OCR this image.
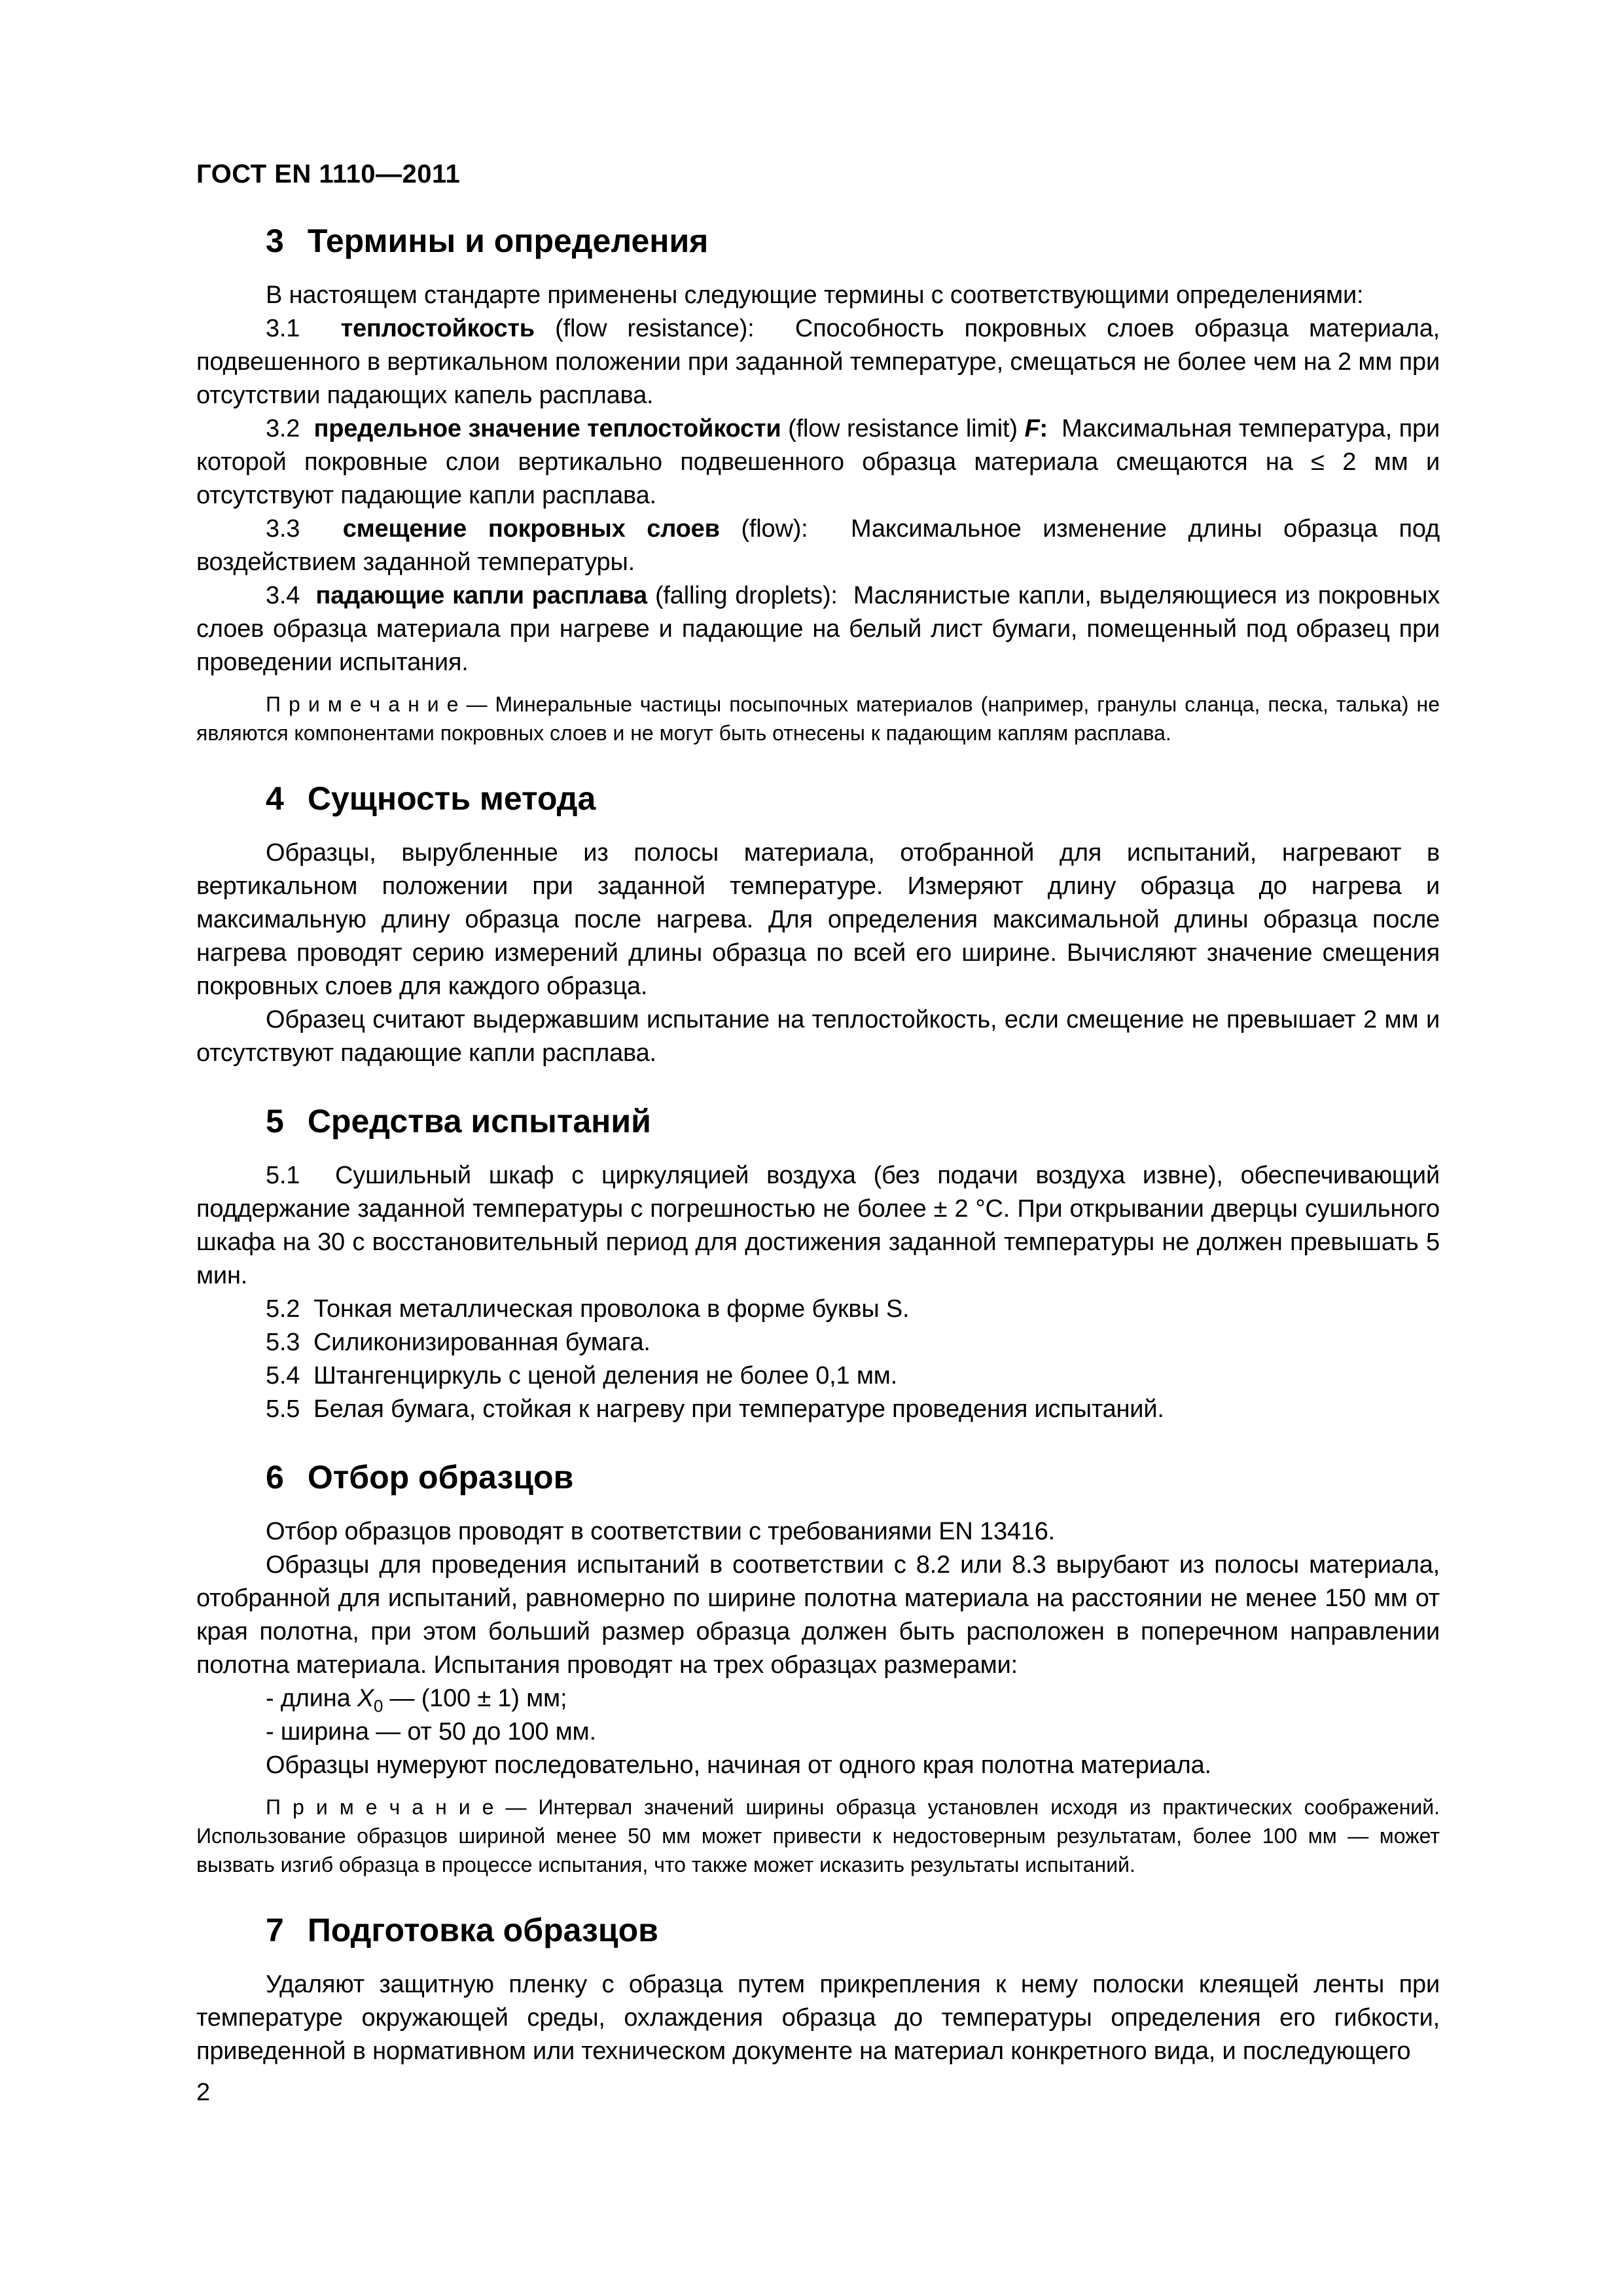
ГОСТ EN 1110—2011
3 Термины и определения

В настоящем стандарте применены следующие термины с соответствующими определениями:

3.1  теплостойкость (flow resistance):  Способность покровных слоев образца материала, подвешенного в вертикальном положении при заданной температуре, смещаться не более чем на 2 мм при отсутствии падающих капель расплава.

3.2  предельное значение теплостойкости (flow resistance limit) F:  Максимальная температура, при которой покровные слои вертикально подвешенного образца материала смещаются на ≤ 2 мм и отсутствуют падающие капли расплава.

3.3  смещение покровных слоев (flow):  Максимальное изменение длины образца под воздействием заданной температуры.

3.4  падающие капли расплава (falling droplets):  Маслянистые капли, выделяющиеся из покровных слоев образца материала при нагреве и падающие на белый лист бумаги, помещенный под образец при проведении испытания.

П р и м е ч а н и е — Минеральные частицы посыпочных материалов (например, гранулы сланца, песка, талька) не являются компонентами покровных слоев и не могут быть отнесены к падающим каплям расплава.

4 Сущность метода

Образцы, вырубленные из полосы материала, отобранной для испытаний, нагревают в вертикальном положении при заданной температуре. Измеряют длину образца до нагрева и максимальную длину образца после нагрева. Для определения максимальной длины образца после нагрева проводят серию измерений длины образца по всей его ширине. Вычисляют значение смещения покровных слоев для каждого образца.

Образец считают выдержавшим испытание на теплостойкость, если смещение не превышает 2 мм и отсутствуют падающие капли расплава.

5 Средства испытаний

5.1  Сушильный шкаф с циркуляцией воздуха (без подачи воздуха извне), обеспечивающий поддержание заданной температуры с погрешностью не более ± 2 °С. При открывании дверцы сушильного шкафа на 30 с восстановительный период для достижения заданной температуры не должен превышать 5 мин.

5.2  Тонкая металлическая проволока в форме буквы S.

5.3  Силиконизированная бумага.

5.4  Штангенциркуль с ценой деления не более 0,1 мм.

5.5  Белая бумага, стойкая к нагреву при температуре проведения испытаний.

6 Отбор образцов

Отбор образцов проводят в соответствии с требованиями EN 13416.

Образцы для проведения испытаний в соответствии с 8.2 или 8.3 вырубают из полосы материала, отобранной для испытаний, равномерно по ширине полотна материала на расстоянии не менее 150 мм от края полотна, при этом больший размер образца должен быть расположен в поперечном направлении полотна материала. Испытания проводят на трех образцах размерами:

- длина $X_0$ — (100 ± 1) мм;

- ширина — от 50 до 100 мм.

Образцы нумеруют последовательно, начиная от одного края полотна материала.

П р и м е ч а н и е — Интервал значений ширины образца установлен исходя из практических соображений. Использование образцов шириной менее 50 мм может привести к недостоверным результатам, более 100 мм — может вызвать изгиб образца в процессе испытания, что также может исказить результаты испытаний.

7 Подготовка образцов

Удаляют защитную пленку с образца путем прикрепления к нему полоски клеящей ленты при температуре окружающей среды, охлаждения образца до температуры определения его гибкости, приведенной в нормативном или техническом документе на материал конкретного вида, и последующего

2
